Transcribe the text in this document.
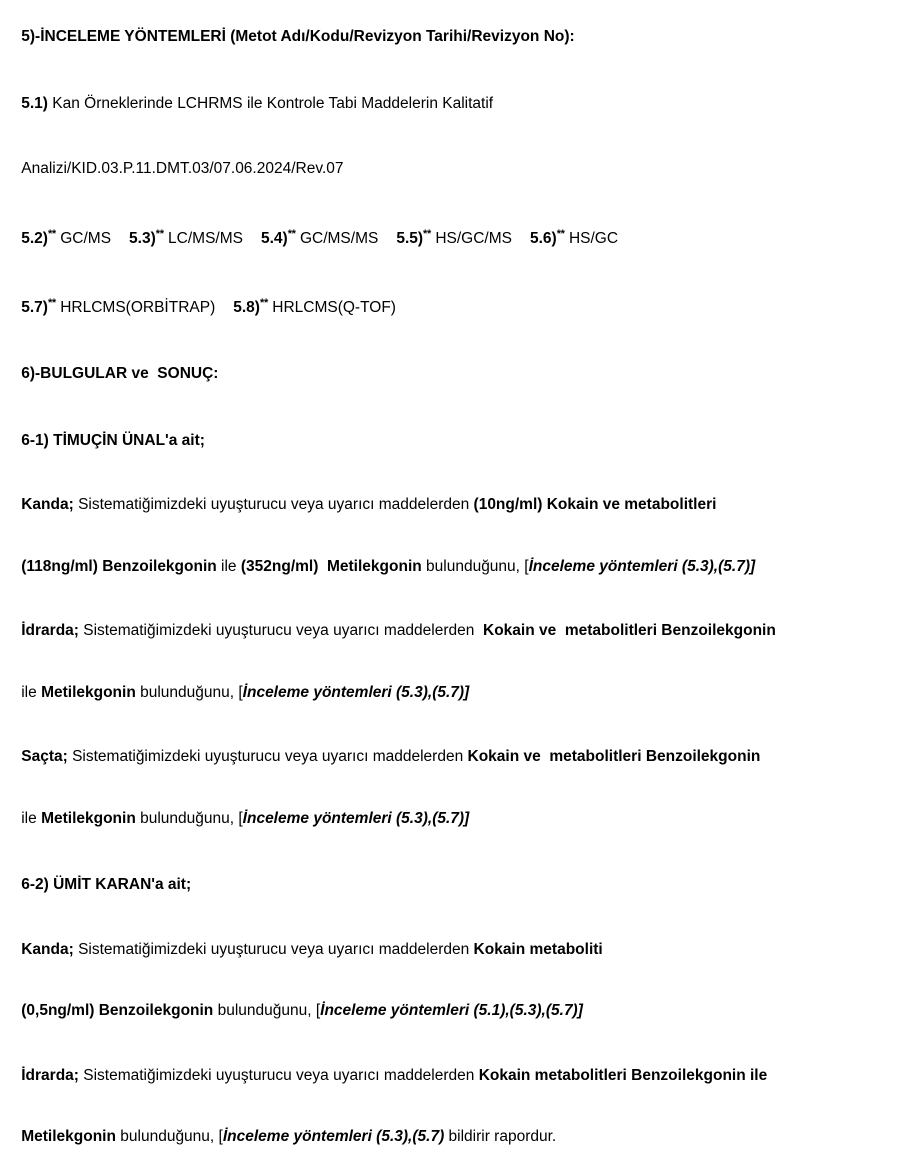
5)-İNCELEME YÖNTEMLERİ (Metot Adı/Kodu/Revizyon Tarihi/Revizyon No):

5.1) Kan Örneklerinde LCHRMS ile Kontrole Tabi Maddelerin Kalitatif

Analizi/KID.03.P.11.DMT.03/07.06.2024/Rev.07

5.2)** GC/MS 5.3)** LC/MS/MS 5.4)** GC/MS/MS 5.5)** HS/GC/MS 5.6)** HS/GC

5.7)** HRLCMS(ORBİTRAP) 5.8)** HRLCMS(Q-TOF)

6)-BULGULAR ve  SONUÇ:

6-1) TİMUÇİN ÜNAL'a ait;

Kanda; Sistematiğimizdeki uyuşturucu veya uyarıcı maddelerden (10ng/ml) Kokain ve metabolitleri

(118ng/ml) Benzoilekgonin ile (352ng/ml)  Metilekgonin bulunduğunu, [İnceleme yöntemleri (5.3),(5.7)]

İdrarda; Sistematiğimizdeki uyuşturucu veya uyarıcı maddelerden  Kokain ve  metabolitleri Benzoilekgonin

ile Metilekgonin bulunduğunu, [İnceleme yöntemleri (5.3),(5.7)]

Saçta; Sistematiğimizdeki uyuşturucu veya uyarıcı maddelerden Kokain ve  metabolitleri Benzoilekgonin

ile Metilekgonin bulunduğunu, [İnceleme yöntemleri (5.3),(5.7)]

6-2) ÜMİT KARAN'a ait;

Kanda; Sistematiğimizdeki uyuşturucu veya uyarıcı maddelerden Kokain metaboliti

(0,5ng/ml) Benzoilekgonin bulunduğunu, [İnceleme yöntemleri (5.1),(5.3),(5.7)]

İdrarda; Sistematiğimizdeki uyuşturucu veya uyarıcı maddelerden Kokain metabolitleri Benzoilekgonin ile

Metilekgonin bulunduğunu, [İnceleme yöntemleri (5.3),(5.7) bildirir rapordur.
